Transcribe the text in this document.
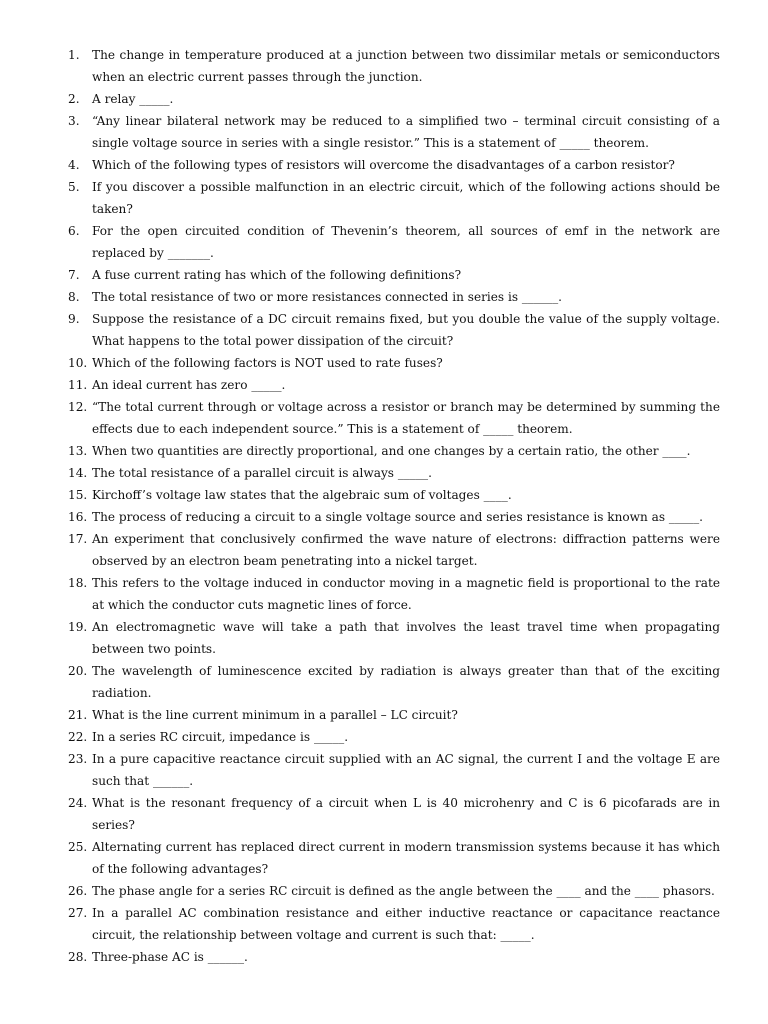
1.	The change in temperature produced at a junction between two dissimilar metals or semiconductors when an electric current passes through the junction.
2.	A relay _____.
3.	“Any linear bilateral network may be reduced to a simplified two – terminal circuit consisting of a single voltage source in series with a single resistor.” This is a statement of _____ theorem.
4.	Which of the following types of resistors will overcome the disadvantages of a carbon resistor?
5.	If you discover a possible malfunction in an electric circuit, which of the following actions should be taken?
6.	For the open circuited condition of Thevenin’s theorem, all sources of emf in the network are replaced by _______.
7.	A fuse current rating has which of the following definitions?
8.	The total resistance of two or more resistances connected in series is ______.
9.	Suppose the resistance of a DC circuit remains fixed, but you double the value of the supply voltage. What happens to the total power dissipation of the circuit?
10. Which of the following factors is NOT used to rate fuses?
11. An ideal current has zero _____.
12. “The total current through or voltage across a resistor or branch may be determined by summing the effects due to each independent source.” This is a statement of _____ theorem.
13. When two quantities are directly proportional, and one changes by a certain ratio, the other ____.
14. The total resistance of a parallel circuit is always _____.
15. Kirchoff’s voltage law states that the algebraic sum of voltages ____.
16. The process of reducing a circuit to a single voltage source and series resistance is known as _____.
17. An experiment that conclusively confirmed the wave nature of electrons: diffraction patterns were observed by an electron beam penetrating into a nickel target.
18. This refers to the voltage induced in conductor moving in a magnetic field is proportional to the rate at which the conductor cuts magnetic lines of force.
19. An electromagnetic wave will take a path that involves the least travel time when propagating between two points.
20. The wavelength of luminescence excited by radiation is always greater than that of the exciting radiation.
21. What is the line current minimum in a parallel – LC circuit?
22. In a series RC circuit, impedance is _____.
23. In a pure capacitive reactance circuit supplied with an AC signal, the current I and the voltage E are such that ______.
24. What is the resonant frequency of a circuit when L is 40 microhenry and C is 6 picofarads are in series?
25. Alternating current has replaced direct current in modern transmission systems because it has which of the following advantages?
26. The phase angle for a series RC circuit is defined as the angle between the ____ and the ____ phasors.
27. In a parallel AC combination resistance and either inductive reactance or capacitance reactance circuit, the relationship between voltage and current is such that: _____.
28. Three-phase AC is ______.
